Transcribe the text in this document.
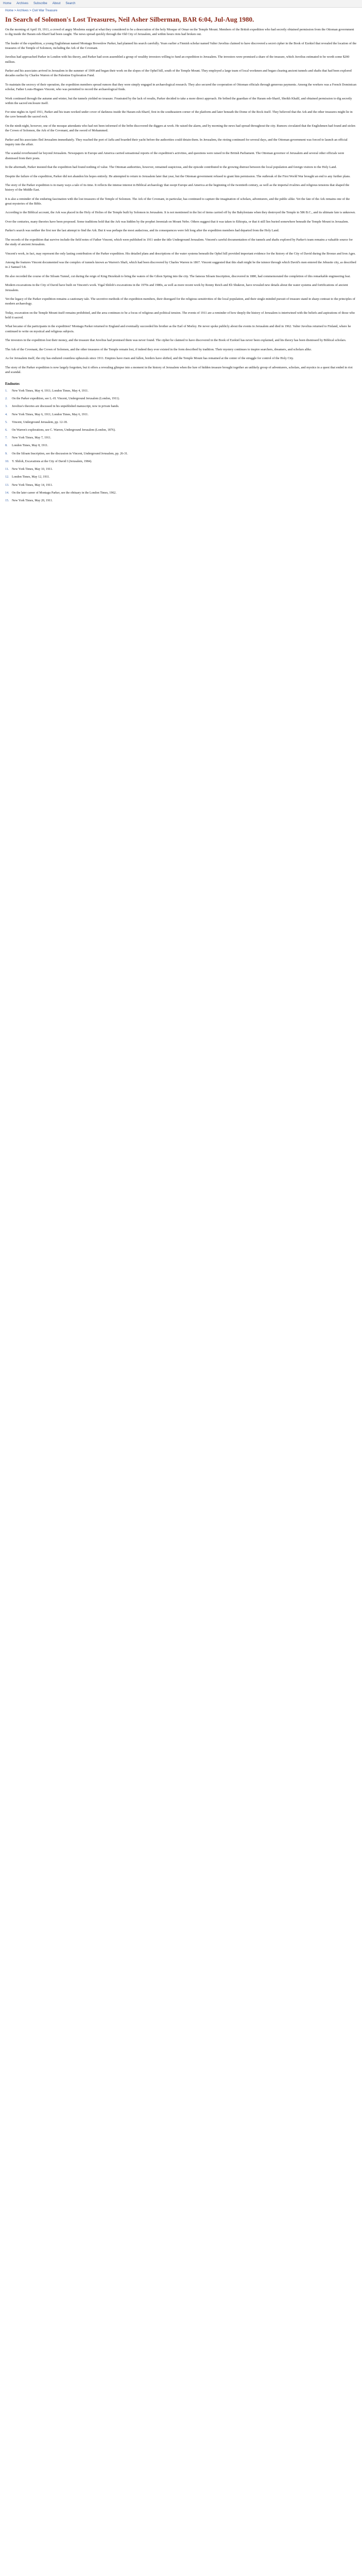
Home Archives Subscribe About Search
Home > Archives > Civil War Treasure
In Search of Solomon's Lost Treasures, Neil Asher Silberman, BAR 6:04, Jul-Aug 1980.

On the morning of April 19, 1911, a crowd of angry Moslems surged at what they considered to be a desecration of the holy Mosque of Omar on the Temple Mount. Members of the British expedition who had secretly obtained permission from the Ottoman government to dig inside the Haram esh-Sharif had been caught. The news spread quickly through the Old City of Jerusalem, and within hours riots had broken out.

The leader of the expedition, a young Englishman named Montagu Brownlow Parker, had planned his search carefully. Years earlier a Finnish scholar named Valter Juvelius claimed to have discovered a secret cipher in the Book of Ezekiel that revealed the location of the treasures of the Temple of Solomon, including the Ark of the Covenant.

Juvelius had approached Parker in London with his theory, and Parker had soon assembled a group of wealthy investors willing to fund an expedition to Jerusalem. The investors were promised a share of the treasure, which Juvelius estimated to be worth some $200 million.

Parker and his associates arrived in Jerusalem in the summer of 1909 and began their work on the slopes of the Ophel hill, south of the Temple Mount. They employed a large team of local workmen and began clearing ancient tunnels and shafts that had been explored decades earlier by Charles Warren of the Palestine Exploration Fund.

To maintain the secrecy of their operation, the expedition members spread rumors that they were simply engaged in archaeological research. They also secured the cooperation of Ottoman officials through generous payments. Among the workers was a French Dominican scholar, Father Louis-Hugues Vincent, who was permitted to record the archaeological finds.

Work continued through the autumn and winter, but the tunnels yielded no treasure. Frustrated by the lack of results, Parker decided to take a more direct approach. He bribed the guardian of the Haram esh-Sharif, Sheikh Khalil, and obtained permission to dig secretly within the sacred enclosure itself.

For nine nights in April 1911, Parker and his team worked under cover of darkness inside the Haram esh-Sharif, first in the southeastern corner of the platform and later beneath the Dome of the Rock itself. They believed that the Ark and the other treasures might lie in the cave beneath the sacred rock.

On the ninth night, however, one of the mosque attendants who had not been informed of the bribe discovered the diggers at work. He raised the alarm, and by morning the news had spread throughout the city. Rumors circulated that the Englishmen had found and stolen the Crown of Solomon, the Ark of the Covenant, and the sword of Mohammed.

Parker and his associates fled Jerusalem immediately. They reached the port of Jaffa and boarded their yacht before the authorities could detain them. In Jerusalem, the rioting continued for several days, and the Ottoman government was forced to launch an official inquiry into the affair.

The scandal reverberated far beyond Jerusalem. Newspapers in Europe and America carried sensational reports of the expedition's activities, and questions were raised in the British Parliament. The Ottoman governor of Jerusalem and several other officials were dismissed from their posts.

In the aftermath, Parker insisted that the expedition had found nothing of value. The Ottoman authorities, however, remained suspicious, and the episode contributed to the growing distrust between the local population and foreign visitors to the Holy Land.

Despite the failure of the expedition, Parker did not abandon his hopes entirely. He attempted to return to Jerusalem later that year, but the Ottoman government refused to grant him permission. The outbreak of the First World War brought an end to any further plans.

The story of the Parker expedition is in many ways a tale of its time. It reflects the intense interest in Biblical archaeology that swept Europe and America at the beginning of the twentieth century, as well as the imperial rivalries and religious tensions that shaped the history of the Middle East.

It is also a reminder of the enduring fascination with the lost treasures of the Temple of Solomon. The Ark of the Covenant, in particular, has continued to capture the imagination of scholars, adventurers, and the public alike. Yet the fate of the Ark remains one of the great mysteries of the Bible.

According to the Biblical account, the Ark was placed in the Holy of Holies of the Temple built by Solomon in Jerusalem. It is not mentioned in the list of items carried off by the Babylonians when they destroyed the Temple in 586 B.C., and its ultimate fate is unknown.

Over the centuries, many theories have been proposed. Some traditions hold that the Ark was hidden by the prophet Jeremiah on Mount Nebo. Others suggest that it was taken to Ethiopia, or that it still lies buried somewhere beneath the Temple Mount in Jerusalem.

Parker's search was neither the first nor the last attempt to find the Ark. But it was perhaps the most audacious, and its consequences were felt long after the expedition members had departed from the Holy Land.

The records of the expedition that survive include the field notes of Father Vincent, which were published in 1911 under the title Underground Jerusalem. Vincent's careful documentation of the tunnels and shafts explored by Parker's team remains a valuable source for the study of ancient Jerusalem.

Vincent's work, in fact, may represent the only lasting contribution of the Parker expedition. His detailed plans and descriptions of the water systems beneath the Ophel hill provided important evidence for the history of the City of David during the Bronze and Iron Ages.

Among the features Vincent documented was the complex of tunnels known as Warren's Shaft, which had been discovered by Charles Warren in 1867. Vincent suggested that this shaft might be the tsinnor through which David's men entered the Jebusite city, as described in 2 Samuel 5:8.

He also recorded the course of the Siloam Tunnel, cut during the reign of King Hezekiah to bring the waters of the Gihon Spring into the city. The famous Siloam Inscription, discovered in 1880, had commemorated the completion of this remarkable engineering feat.

Modern excavations in the City of David have built on Vincent's work. Yigal Shiloh's excavations in the 1970s and 1980s, as well as more recent work by Ronny Reich and Eli Shukron, have revealed new details about the water systems and fortifications of ancient Jerusalem.

Yet the legacy of the Parker expedition remains a cautionary tale. The secretive methods of the expedition members, their disregard for the religious sensitivities of the local population, and their single-minded pursuit of treasure stand in sharp contrast to the principles of modern archaeology.

Today, excavation on the Temple Mount itself remains prohibited, and the area continues to be a focus of religious and political tension. The events of 1911 are a reminder of how deeply the history of Jerusalem is intertwined with the beliefs and aspirations of those who hold it sacred.

What became of the participants in the expedition? Montagu Parker returned to England and eventually succeeded his brother as the Earl of Morley. He never spoke publicly about the events in Jerusalem and died in 1962. Valter Juvelius returned to Finland, where he continued to write on mystical and religious subjects.

The investors in the expedition lost their money, and the treasure that Juvelius had promised them was never found. The cipher he claimed to have discovered in the Book of Ezekiel has never been explained, and his theory has been dismissed by Biblical scholars.

The Ark of the Covenant, the Crown of Solomon, and the other treasures of the Temple remain lost, if indeed they ever existed in the form described by tradition. Their mystery continues to inspire searchers, dreamers, and scholars alike.

As for Jerusalem itself, the city has endured countless upheavals since 1911. Empires have risen and fallen, borders have shifted, and the Temple Mount has remained at the center of the struggle for control of the Holy City.

The story of the Parker expedition is now largely forgotten, but it offers a revealing glimpse into a moment in the history of Jerusalem when the lure of hidden treasure brought together an unlikely group of adventurers, scholars, and mystics in a quest that ended in riot and scandal.

Endnotes
1.	New York Times, May 4, 1911; London Times, May 4, 1911.
2.	On the Parker expedition, see L.-H. Vincent, Underground Jerusalem (London, 1911).
3.	Juvelius's theories are discussed in his unpublished manuscript, now in private hands.
4.	New York Times, May 6, 1911; London Times, May 6, 1911.
5.	Vincent, Underground Jerusalem, pp. 12-18.
6.	On Warren's explorations, see C. Warren, Underground Jerusalem (London, 1876).
7.	New York Times, May 7, 1911.
8.	London Times, May 8, 1911.
9.	On the Siloam Inscription, see the discussion in Vincent, Underground Jerusalem, pp. 26-31.
10. Y. Shiloh, Excavations at the City of David I (Jerusalem, 1984).
11. New York Times, May 10, 1911.
12. London Times, May 12, 1911.
13. New York Times, May 14, 1911.
14. On the later career of Montagu Parker, see the obituary in the London Times, 1962.
15. New York Times, May 20, 1911.
